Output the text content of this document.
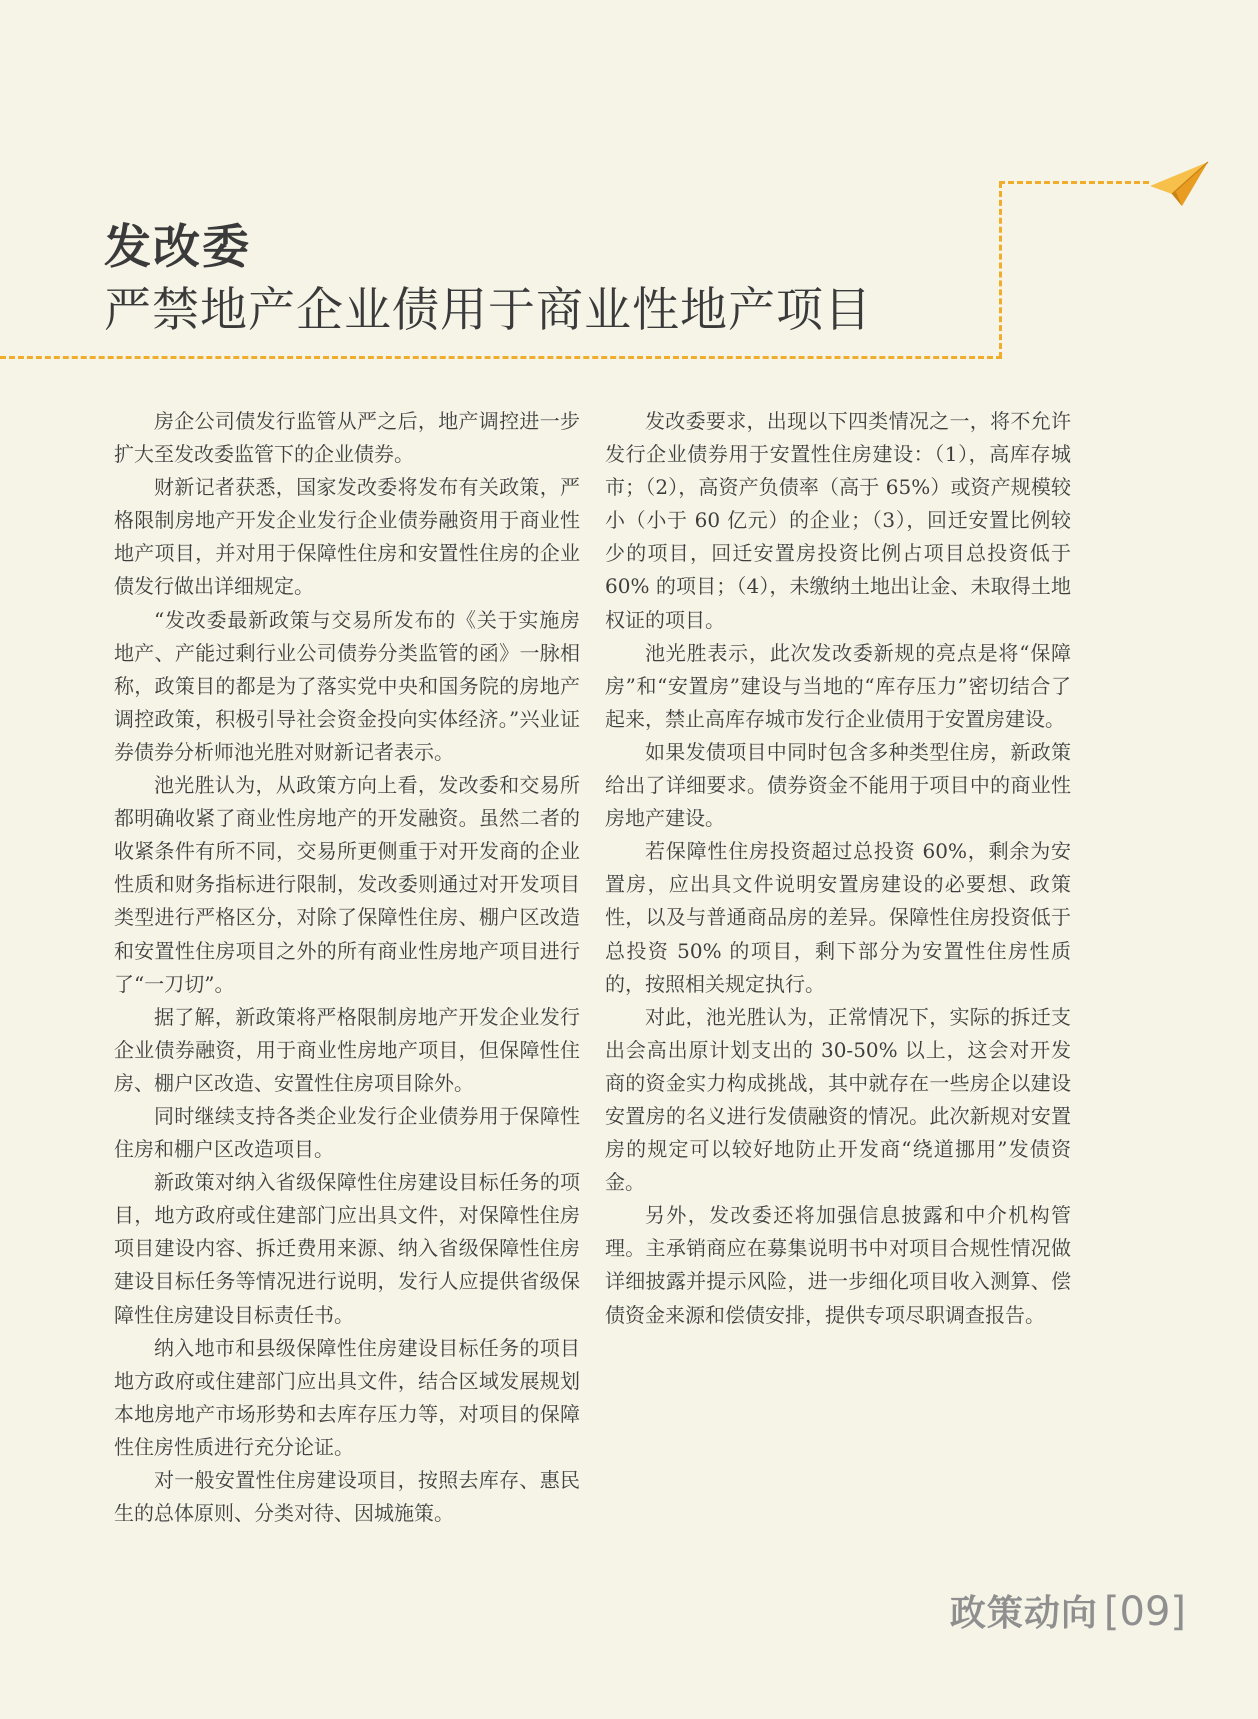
发改委
严禁地产企业债用于商业性地产项目

房企公司债发行监管从严之后，地产调控进一步扩大至发改委监管下的企业债券。

财新记者获悉，国家发改委将发布有关政策，严格限制房地产开发企业发行企业债券融资用于商业性地产项目，并对用于保障性住房和安置性住房的企业债发行做出详细规定。

“发改委最新政策与交易所发布的《关于实施房地产、产能过剩行业公司债券分类监管的函》一脉相称，政策目的都是为了落实党中央和国务院的房地产调控政策，积极引导社会资金投向实体经济。”兴业证券债券分析师池光胜对财新记者表示。

池光胜认为，从政策方向上看，发改委和交易所都明确收紧了商业性房地产的开发融资。虽然二者的收紧条件有所不同，交易所更侧重于对开发商的企业性质和财务指标进行限制，发改委则通过对开发项目类型进行严格区分，对除了保障性住房、棚户区改造和安置性住房项目之外的所有商业性房地产项目进行了“一刀切”。

据了解，新政策将严格限制房地产开发企业发行企业债券融资，用于商业性房地产项目，但保障性住房、棚户区改造、安置性住房项目除外。

同时继续支持各类企业发行企业债券用于保障性住房和棚户区改造项目。

新政策对纳入省级保障性住房建设目标任务的项目，地方政府或住建部门应出具文件，对保障性住房项目建设内容、拆迁费用来源、纳入省级保障性住房建设目标任务等情况进行说明，发行人应提供省级保障性住房建设目标责任书。

纳入地市和县级保障性住房建设目标任务的项目地方政府或住建部门应出具文件，结合区域发展规划本地房地产市场形势和去库存压力等，对项目的保障性住房性质进行充分论证。

对一般安置性住房建设项目，按照去库存、惠民生的总体原则、分类对待、因城施策。

发改委要求，出现以下四类情况之一，将不允许发行企业债券用于安置性住房建设：（1），高库存城市；（2），高资产负债率（高于 65%）或资产规模较小（小于 60 亿元）的企业；（3），回迁安置比例较少的项目，回迁安置房投资比例占项目总投资低于 60% 的项目；（4），未缴纳土地出让金、未取得土地权证的项目。

池光胜表示，此次发改委新规的亮点是将“保障房”和“安置房”建设与当地的“库存压力”密切结合了起来，禁止高库存城市发行企业债用于安置房建设。

如果发债项目中同时包含多种类型住房，新政策给出了详细要求。债券资金不能用于项目中的商业性房地产建设。

若保障性住房投资超过总投资 60%，剩余为安置房，应出具文件说明安置房建设的必要想、政策性，以及与普通商品房的差异。保障性住房投资低于总投资 50% 的项目，剩下部分为安置性住房性质的，按照相关规定执行。

对此，池光胜认为，正常情况下，实际的拆迁支出会高出原计划支出的 30-50% 以上，这会对开发商的资金实力构成挑战，其中就存在一些房企以建设安置房的名义进行发债融资的情况。此次新规对安置房的规定可以较好地防止开发商“绕道挪用”发债资金。

另外，发改委还将加强信息披露和中介机构管理。主承销商应在募集说明书中对项目合规性情况做详细披露并提示风险，进一步细化项目收入测算、偿债资金来源和偿债安排，提供专项尽职调查报告。

政策动向 [09]
